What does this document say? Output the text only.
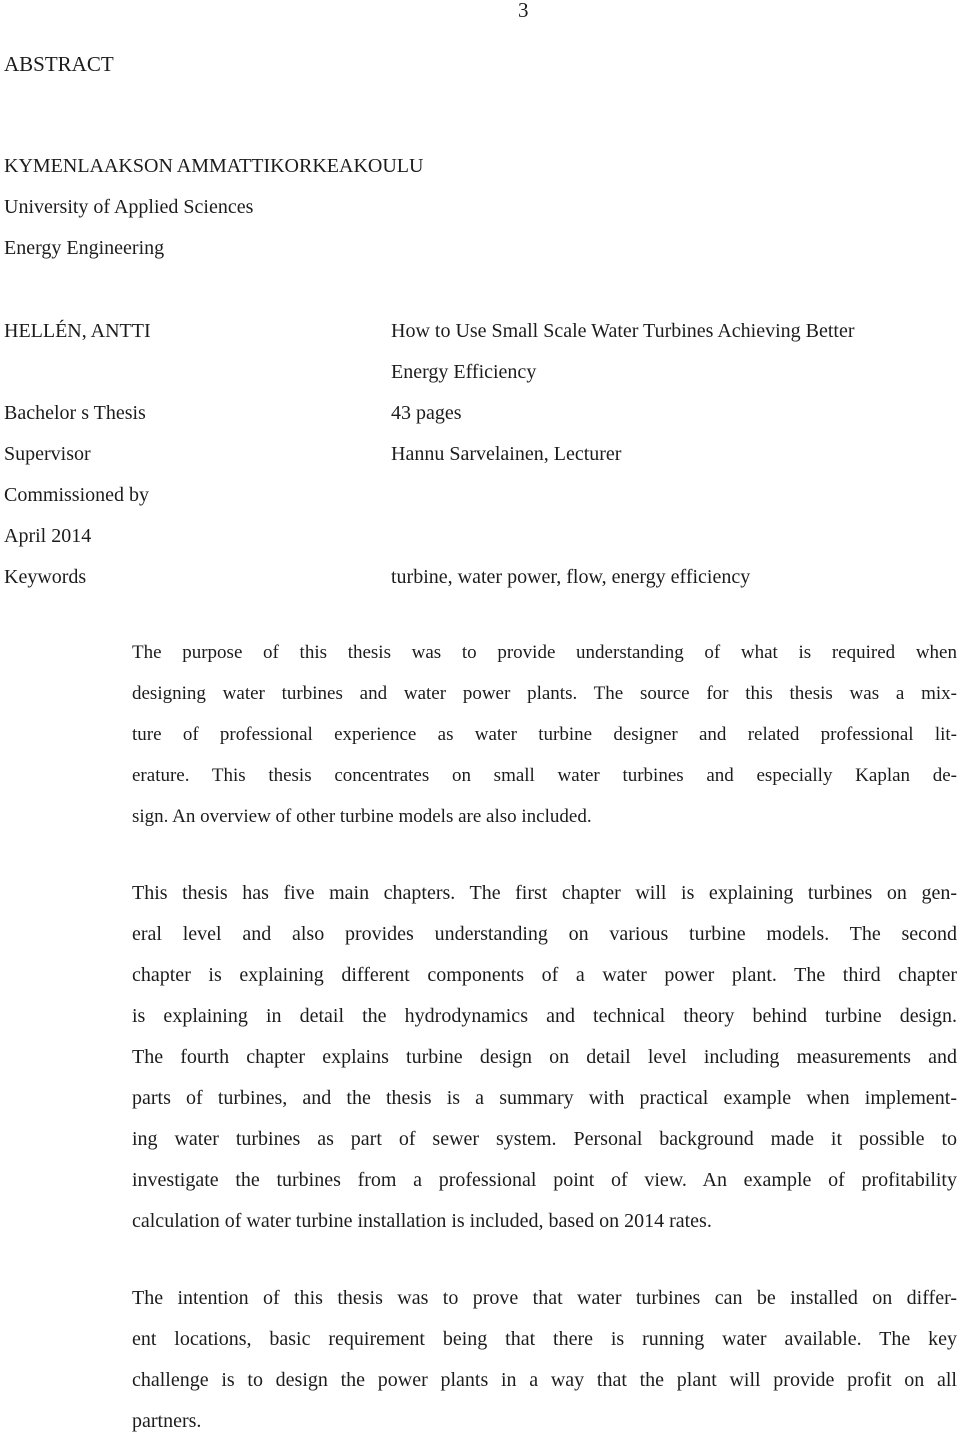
3
ABSTRACT
KYMENLAAKSON AMMATTIKORKEAKOULU
University of Applied Sciences
Energy Engineering
HELLÉN, ANTTI
Bachelor s Thesis
Supervisor
Commissioned by
April 2014
Keywords
How to Use Small Scale Water Turbines Achieving Better
Energy Efficiency
43 pages
Hannu Sarvelainen, Lecturer
turbine, water power, flow, energy efficiency
The purpose of this thesis was to provide understanding of what is required when
designing water turbines and water power plants. The source for this thesis was a mix-
ture of professional experience as water turbine designer and related professional lit-
erature. This thesis concentrates on small water turbines and especially Kaplan de-
sign. An overview of other turbine models are also included.
This thesis has five main chapters. The first chapter will is explaining turbines on gen-
eral level and also provides understanding on various turbine models. The second
chapter is explaining different components of a water power plant. The third chapter
is explaining in detail the hydrodynamics and technical theory behind turbine design.
The fourth chapter explains turbine design on detail level including measurements and
parts of turbines, and the thesis is a summary with practical example when implement-
ing water turbines as part of sewer system. Personal background made it possible to
investigate the turbines from a professional point of view. An example of profitability
calculation of water turbine installation is included, based on 2014 rates.
The intention of this thesis was to prove that water turbines can be installed on differ-
ent locations, basic requirement being that there is running water available. The key
challenge is to design the power plants in a way that the plant will provide profit on all
partners.
